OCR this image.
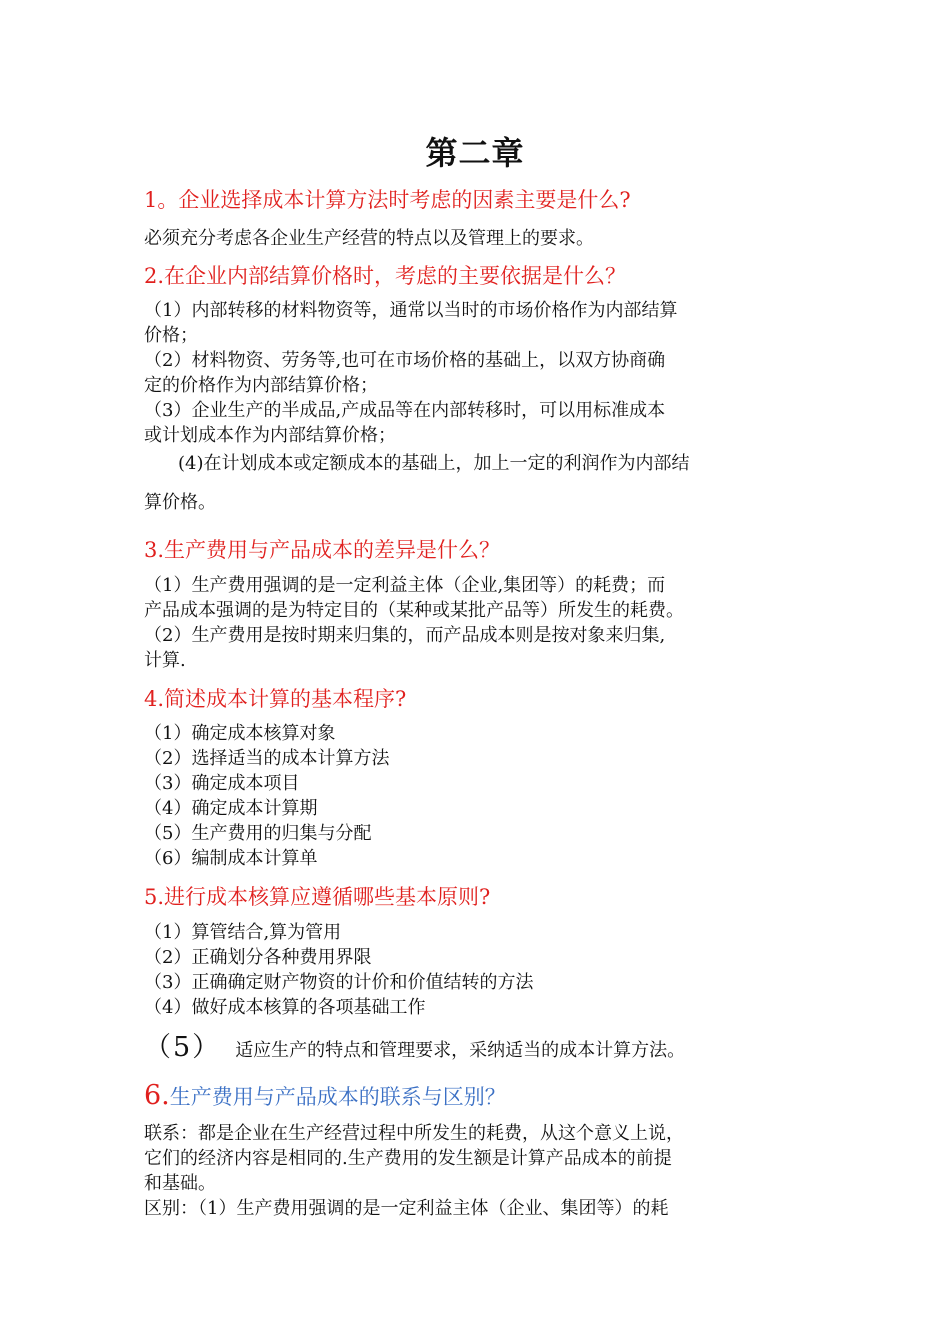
第二章
1。企业选择成本计算方法时考虑的因素主要是什么?
必须充分考虑各企业生产经营的特点以及管理上的要求。
2.在企业内部结算价格时，考虑的主要依据是什么？
（1）内部转移的材料物资等，通常以当时的市场价格作为内部结算
价格；
（2）材料物资、劳务等,也可在市场价格的基础上，以双方协商确
定的价格作为内部结算价格；
（3）企业生产的半成品,产成品等在内部转移时，可以用标准成本
或计划成本作为内部结算价格；
(4)在计划成本或定额成本的基础上，加上一定的利润作为内部结
算价格。
3.生产费用与产品成本的差异是什么？
（1）生产费用强调的是一定利益主体（企业,集团等）的耗费；而
产品成本强调的是为特定目的（某种或某批产品等）所发生的耗费。
（2）生产费用是按时期来归集的，而产品成本则是按对象来归集,
计算.
4.简述成本计算的基本程序?
（1）确定成本核算对象
（2）选择适当的成本计算方法
（3）确定成本项目
（4）确定成本计算期
（5）生产费用的归集与分配
（6）编制成本计算单
5.进行成本核算应遵循哪些基本原则?
（1）算管结合,算为管用
（2）正确划分各种费用界限
（3）正确确定财产物资的计价和价值结转的方法
（4）做好成本核算的各项基础工作
（5） 适应生产的特点和管理要求，采纳适当的成本计算方法。
6.生产费用与产品成本的联系与区别？
联系：都是企业在生产经营过程中所发生的耗费，从这个意义上说，
它们的经济内容是相同的.生产费用的发生额是计算产品成本的前提
和基础。
区别：（1）生产费用强调的是一定利益主体（企业、集团等）的耗
